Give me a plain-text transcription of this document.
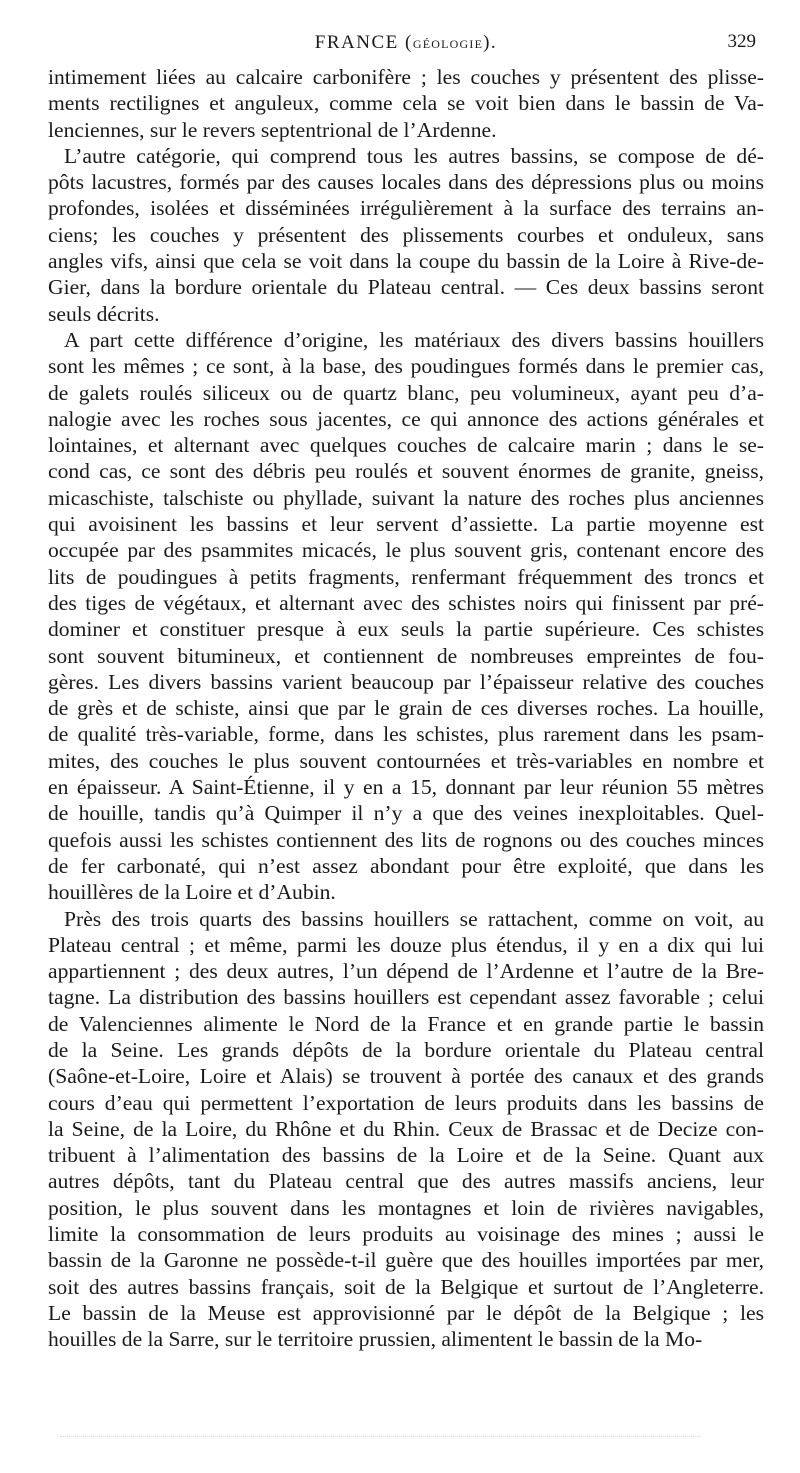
FRANCE (GÉOLOGIE).	329
intimement liées au calcaire carbonifère ; les couches y présentent des plisse-
ments rectilignes et anguleux, comme cela se voit bien dans le bassin de Va-
lenciennes, sur le revers septentrional de l’Ardenne.
L’autre catégorie, qui comprend tous les autres bassins, se compose de dé-
pôts lacustres, formés par des causes locales dans des dépressions plus ou moins
profondes, isolées et disséminées irrégulièrement à la surface des terrains an-
ciens; les couches y présentent des plissements courbes et onduleux, sans
angles vifs, ainsi que cela se voit dans la coupe du bassin de la Loire à Rive-de-
Gier, dans la bordure orientale du Plateau central. — Ces deux bassins seront
seuls décrits.
A part cette différence d’origine, les matériaux des divers bassins houillers
sont les mêmes ; ce sont, à la base, des poudingues formés dans le premier cas,
de galets roulés siliceux ou de quartz blanc, peu volumineux, ayant peu d’a-
nalogie avec les roches sous jacentes, ce qui annonce des actions générales et
lointaines, et alternant avec quelques couches de calcaire marin ; dans le se-
cond cas, ce sont des débris peu roulés et souvent énormes de granite, gneiss,
micaschiste, talschiste ou phyllade, suivant la nature des roches plus anciennes
qui avoisinent les bassins et leur servent d’assiette. La partie moyenne est
occupée par des psammites micacés, le plus souvent gris, contenant encore des
lits de poudingues à petits fragments, renfermant fréquemment des troncs et
des tiges de végétaux, et alternant avec des schistes noirs qui finissent par pré-
dominer et constituer presque à eux seuls la partie supérieure. Ces schistes
sont souvent bitumineux, et contiennent de nombreuses empreintes de fou-
gères. Les divers bassins varient beaucoup par l’épaisseur relative des couches
de grès et de schiste, ainsi que par le grain de ces diverses roches. La houille,
de qualité très-variable, forme, dans les schistes, plus rarement dans les psam-
mites, des couches le plus souvent contournées et très-variables en nombre et
en épaisseur. A Saint-Étienne, il y en a 15, donnant par leur réunion 55 mètres
de houille, tandis qu’à Quimper il n’y a que des veines inexploitables. Quel-
quefois aussi les schistes contiennent des lits de rognons ou des couches minces
de fer carbonaté, qui n’est assez abondant pour être exploité, que dans les
houillères de la Loire et d’Aubin.
Près des trois quarts des bassins houillers se rattachent, comme on voit, au
Plateau central ; et même, parmi les douze plus étendus, il y en a dix qui lui
appartiennent ; des deux autres, l’un dépend de l’Ardenne et l’autre de la Bre-
tagne. La distribution des bassins houillers est cependant assez favorable ; celui
de Valenciennes alimente le Nord de la France et en grande partie le bassin
de la Seine. Les grands dépôts de la bordure orientale du Plateau central
(Saône-et-Loire, Loire et Alais) se trouvent à portée des canaux et des grands
cours d’eau qui permettent l’exportation de leurs produits dans les bassins de
la Seine, de la Loire, du Rhône et du Rhin. Ceux de Brassac et de Decize con-
tribuent à l’alimentation des bassins de la Loire et de la Seine. Quant aux
autres dépôts, tant du Plateau central que des autres massifs anciens, leur
position, le plus souvent dans les montagnes et loin de rivières navigables,
limite la consommation de leurs produits au voisinage des mines ; aussi le
bassin de la Garonne ne possède-t-il guère que des houilles importées par mer,
soit des autres bassins français, soit de la Belgique et surtout de l’Angleterre.
Le bassin de la Meuse est approvisionné par le dépôt de la Belgique ; les
houilles de la Sarre, sur le territoire prussien, alimentent le bassin de la Mo-
